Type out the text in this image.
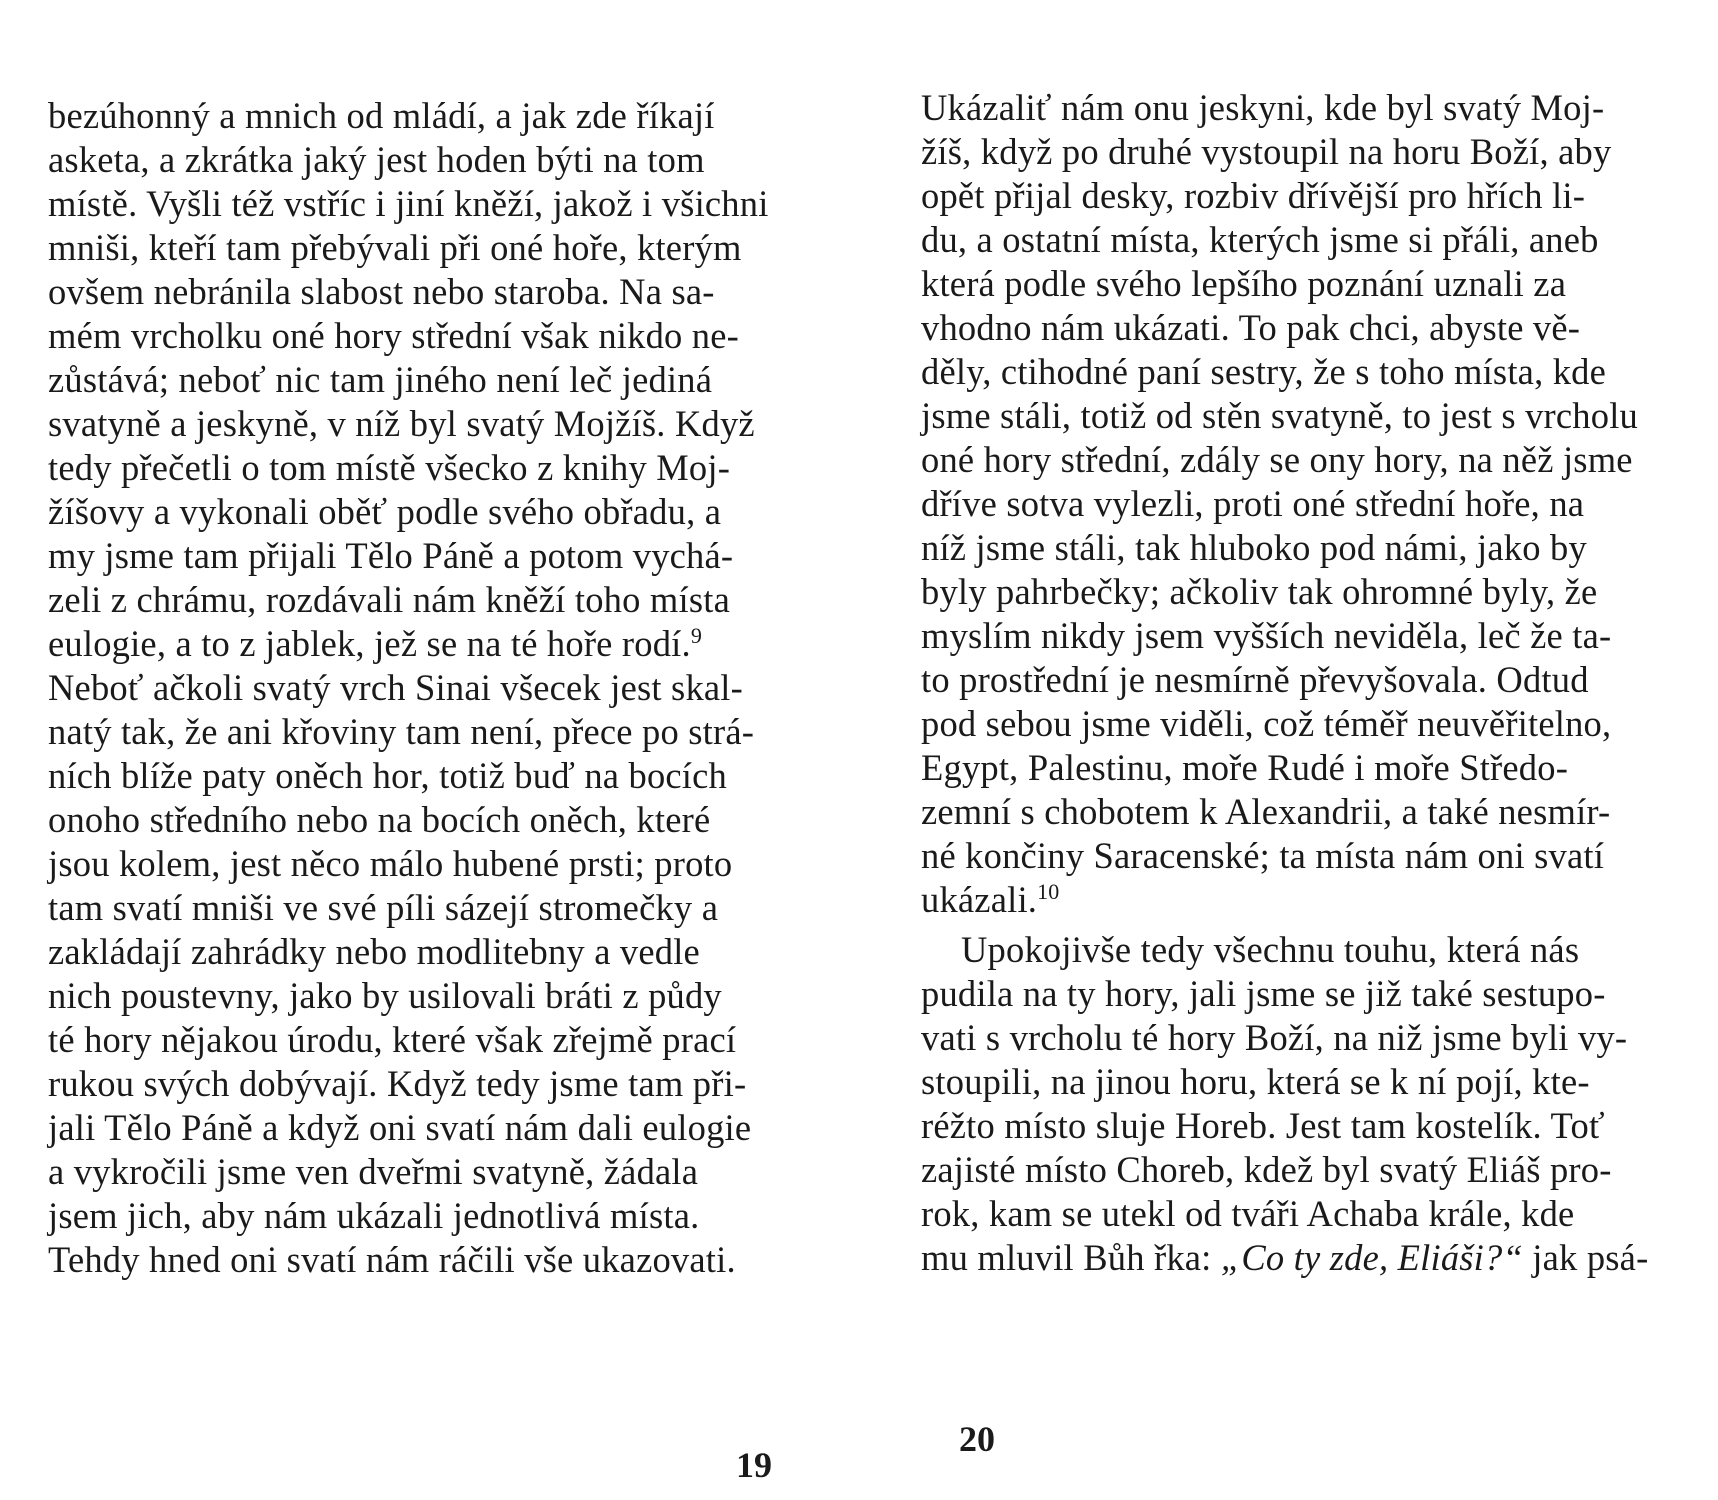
bezúhonný a mnich od mládí, a jak zde říkají
asketa, a zkrátka jaký jest hoden býti na tom
místě. Vyšli též vstříc i jiní kněží, jakož i všichni
mniši, kteří tam přebývali při oné hoře, kterým
ovšem nebránila slabost nebo staroba. Na sa-
mém vrcholku oné hory střední však nikdo ne-
zůstává; neboť nic tam jiného není leč jediná
svatyně a jeskyně, v níž byl svatý Mojžíš. Když
tedy přečetli o tom místě všecko z knihy Moj-
žíšovy a vykonali oběť podle svého obřadu, a
my jsme tam přijali Tělo Páně a potom vychá-
zeli z chrámu, rozdávali nám kněží toho místa
eulogie, a to z jablek, jež se na té hoře rodí.$^9$
Neboť ačkoli svatý vrch Sinai všecek jest skal-
natý tak, že ani křoviny tam není, přece po strá-
ních blíže paty oněch hor, totiž buď na bocích
onoho středního nebo na bocích oněch, které
jsou kolem, jest něco málo hubené prsti; proto
tam svatí mniši ve své píli sázejí stromečky a
zakládají zahrádky nebo modlitebny a vedle
nich poustevny, jako by usilovali bráti z půdy
té hory nějakou úrodu, které však zřejmě prací
rukou svých dobývají. Když tedy jsme tam při-
jali Tělo Páně a když oni svatí nám dali eulogie
a vykročili jsme ven dveřmi svatyně, žádala
jsem jich, aby nám ukázali jednotlivá místa.
Tehdy hned oni svatí nám ráčili vše ukazovati.
19
Ukázaliť nám onu jeskyni, kde byl svatý Moj-
žíš, když po druhé vystoupil na horu Boží, aby
opět přijal desky, rozbiv dřívější pro hřích li-
du, a ostatní místa, kterých jsme si přáli, aneb
která podle svého lepšího poznání uznali za
vhodno nám ukázati. To pak chci, abyste vě-
děly, ctihodné paní sestry, že s toho místa, kde
jsme stáli, totiž od stěn svatyně, to jest s vrcholu
oné hory střední, zdály se ony hory, na něž jsme
dříve sotva vylezli, proti oné střední hoře, na
níž jsme stáli, tak hluboko pod námi, jako by
byly pahrbečky; ačkoliv tak ohromné byly, že
myslím nikdy jsem vyšších neviděla, leč že ta-
to prostřední je nesmírně převyšovala. Odtud
pod sebou jsme viděli, což téměř neuvěřitelno,
Egypt, Palestinu, moře Rudé i moře Středo-
zemní s chobotem k Alexandrii, a také nesmír-
né končiny Saracenské; ta místa nám oni svatí
ukázali.$^{10}$
Upokojivše tedy všechnu touhu, která nás
pudila na ty hory, jali jsme se již také sestupo-
vati s vrcholu té hory Boží, na niž jsme byli vy-
stoupili, na jinou horu, která se k ní pojí, kte-
réžto místo sluje Horeb. Jest tam kostelík. Toť
zajisté místo Choreb, kdež byl svatý Eliáš pro-
rok, kam se utekl od tváři Achaba krále, kde
mu mluvil Bůh řka: „Co ty zde, Eliáši?“ jak psá-
20
